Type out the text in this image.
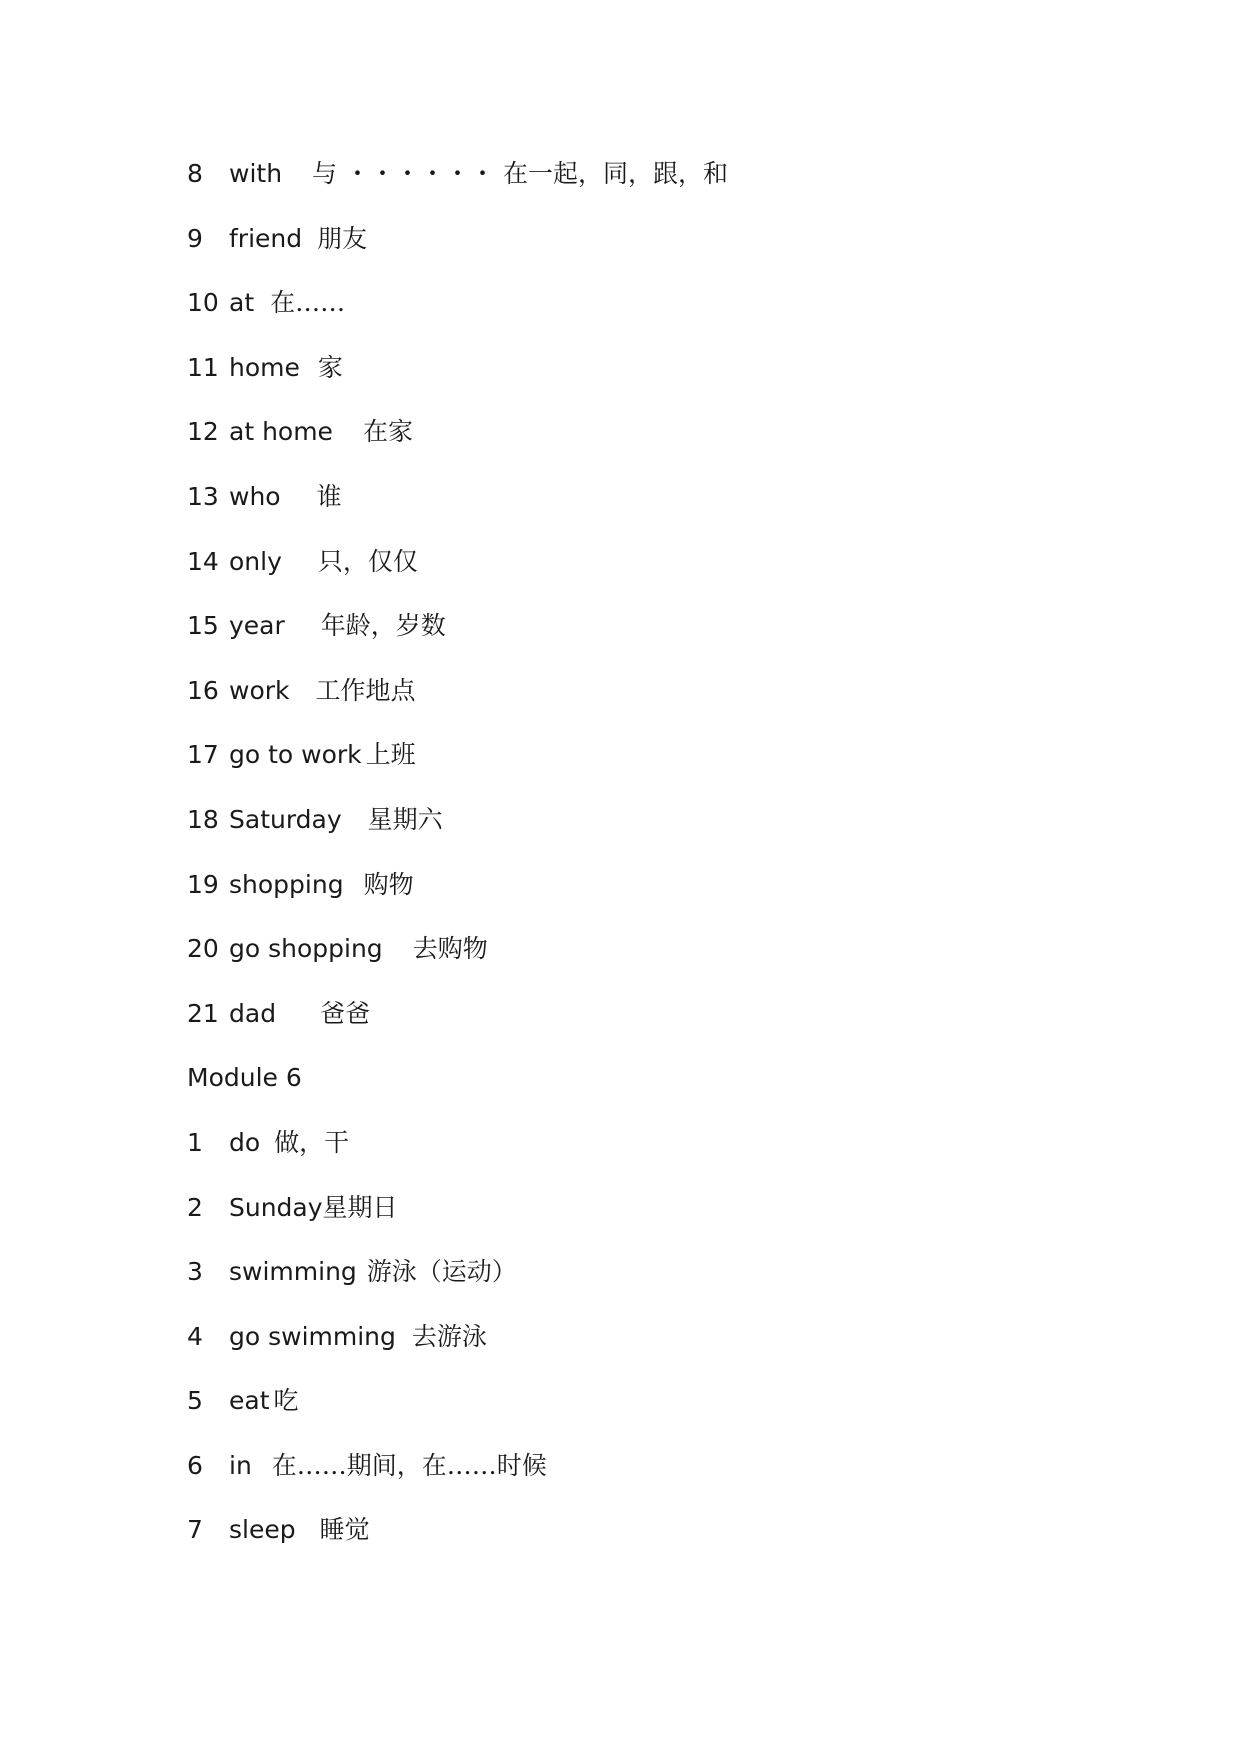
8	with 与 ・・・・・・ 在一起，同，跟，和
9	friend 朋友
10 at 在……
11 home 家
12 at home 在家
13 who 谁
14 only 只，仅仅
15 year 年龄，岁数
16 work 工作地点
17 go to work 上班
18 Saturday 星期六
19 shopping 购物
20 go shopping 去购物
21 dad 爸爸
Module 6
1	do 做，干
2	Sunday 星期日
3	swimming 游泳（运动）
4	go swimming 去游泳
5	eat 吃
6	in 在……期间，在……时候
7	sleep 睡觉
